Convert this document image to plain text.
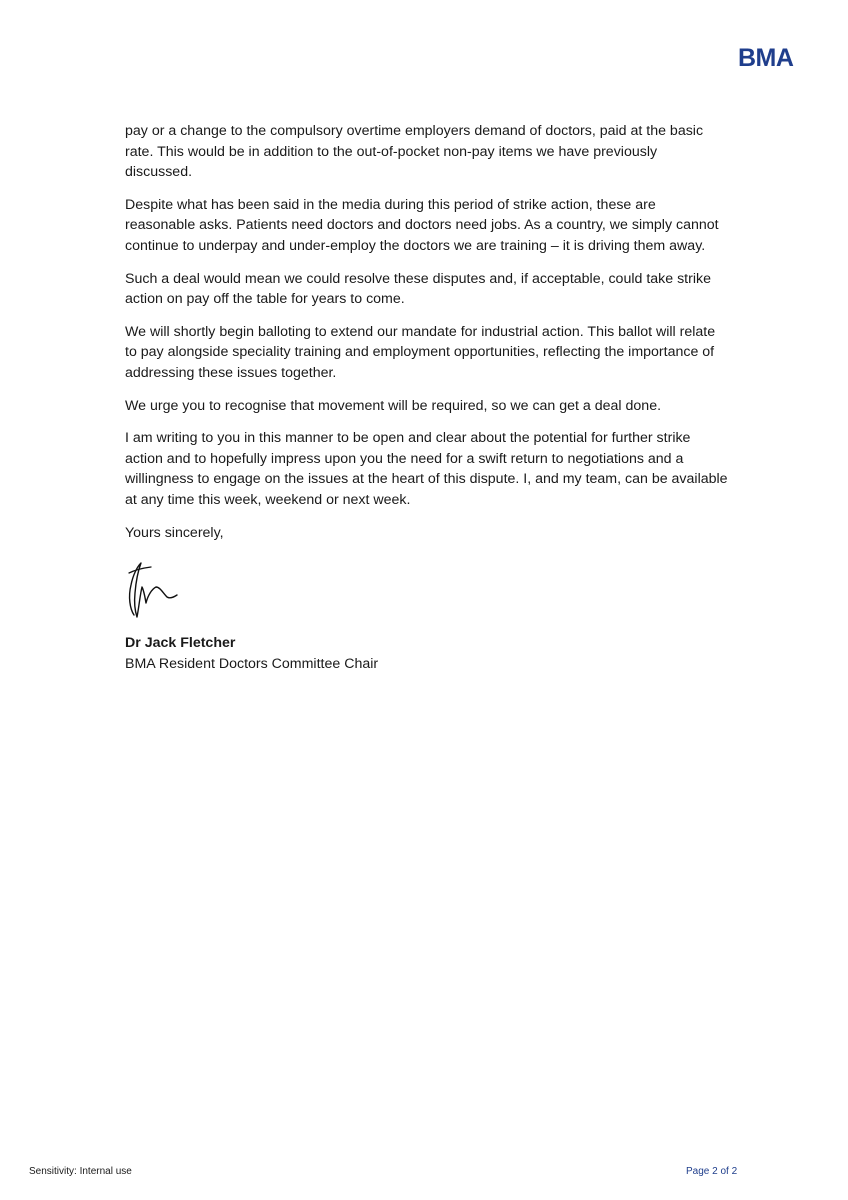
BMA

pay or a change to the compulsory overtime employers demand of doctors, paid at the basic
rate. This would be in addition to the out-of-pocket non-pay items we have previously
discussed.

Despite what has been said in the media during this period of strike action, these are
reasonable asks. Patients need doctors and doctors need jobs. As a country, we simply cannot
continue to underpay and under-employ the doctors we are training – it is driving them away.

Such a deal would mean we could resolve these disputes and, if acceptable, could take strike
action on pay off the table for years to come.

We will shortly begin balloting to extend our mandate for industrial action. This ballot will relate
to pay alongside speciality training and employment opportunities, reflecting the importance of
addressing these issues together.

We urge you to recognise that movement will be required, so we can get a deal done.

I am writing to you in this manner to be open and clear about the potential for further strike
action and to hopefully impress upon you the need for a swift return to negotiations and a
willingness to engage on the issues at the heart of this dispute. I, and my team, can be available
at any time this week, weekend or next week.

Yours sincerely,

Dr Jack Fletcher

BMA Resident Doctors Committee Chair

Sensitivity: Internal use	Page 2 of 2
